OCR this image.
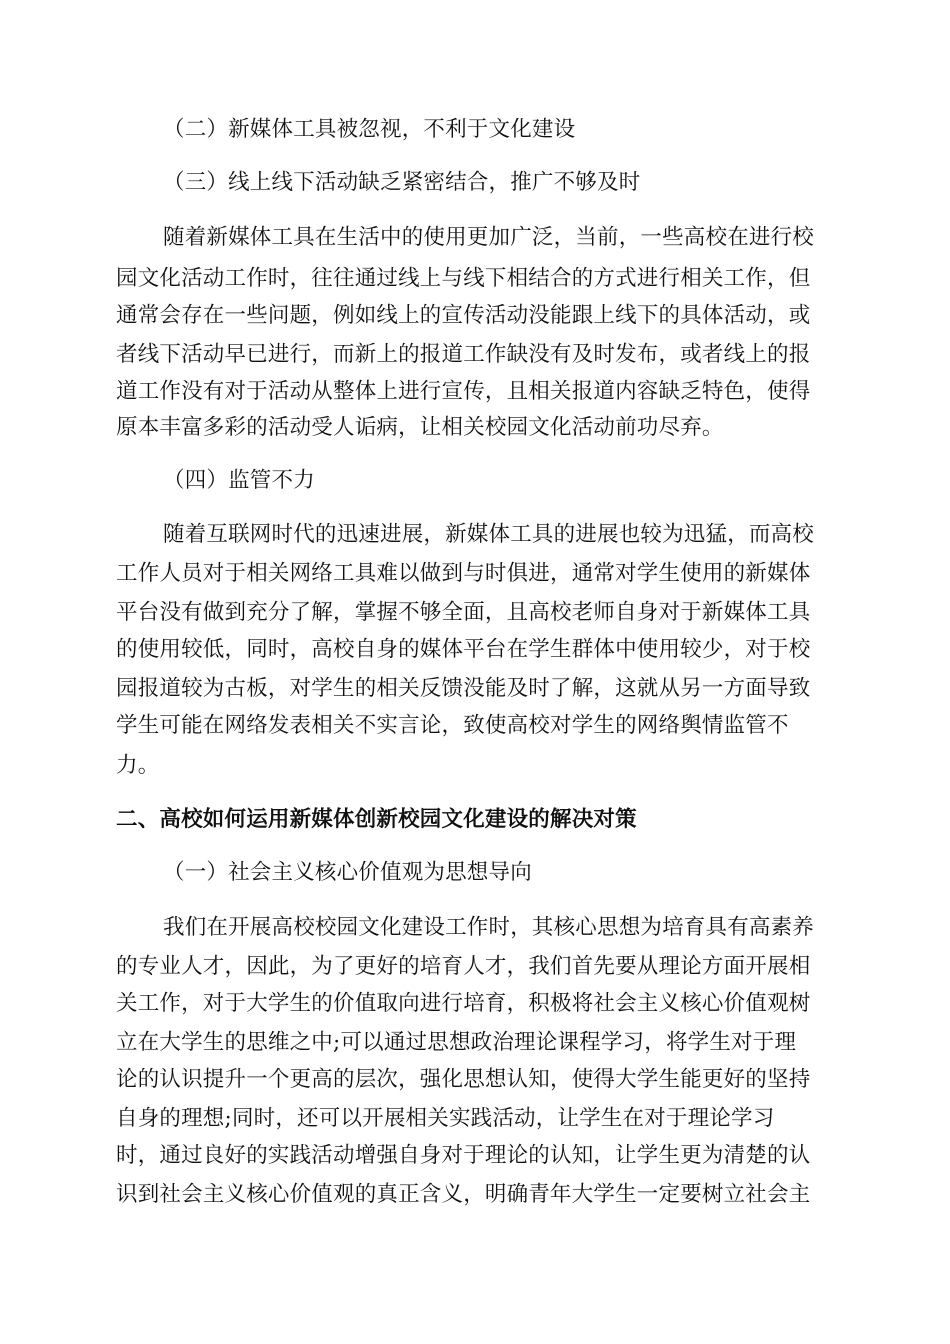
（二）新媒体工具被忽视，不利于文化建设
（三）线上线下活动缺乏紧密结合，推广不够及时
随着新媒体工具在生活中的使用更加广泛，当前，一些高校在进行校
园文化活动工作时，往往通过线上与线下相结合的方式进行相关工作，但
通常会存在一些问题，例如线上的宣传活动没能跟上线下的具体活动，或
者线下活动早已进行，而新上的报道工作缺没有及时发布，或者线上的报
道工作没有对于活动从整体上进行宣传，且相关报道内容缺乏特色，使得
原本丰富多彩的活动受人诟病，让相关校园文化活动前功尽弃。
（四）监管不力
随着互联网时代的迅速进展，新媒体工具的进展也较为迅猛，而高校
工作人员对于相关网络工具难以做到与时俱进，通常对学生使用的新媒体
平台没有做到充分了解，掌握不够全面，且高校老师自身对于新媒体工具
的使用较低，同时，高校自身的媒体平台在学生群体中使用较少，对于校
园报道较为古板，对学生的相关反馈没能及时了解，这就从另一方面导致
学生可能在网络发表相关不实言论，致使高校对学生的网络舆情监管不
力。
二、高校如何运用新媒体创新校园文化建设的解决对策
（一）社会主义核心价值观为思想导向
我们在开展高校校园文化建设工作时，其核心思想为培育具有高素养
的专业人才，因此，为了更好的培育人才，我们首先要从理论方面开展相
关工作，对于大学生的价值取向进行培育，积极将社会主义核心价值观树
立在大学生的思维之中;可以通过思想政治理论课程学习，将学生对于理
论的认识提升一个更高的层次，强化思想认知，使得大学生能更好的坚持
自身的理想;同时，还可以开展相关实践活动，让学生在对于理论学习
时，通过良好的实践活动增强自身对于理论的认知，让学生更为清楚的认
识到社会主义核心价值观的真正含义，明确青年大学生一定要树立社会主
